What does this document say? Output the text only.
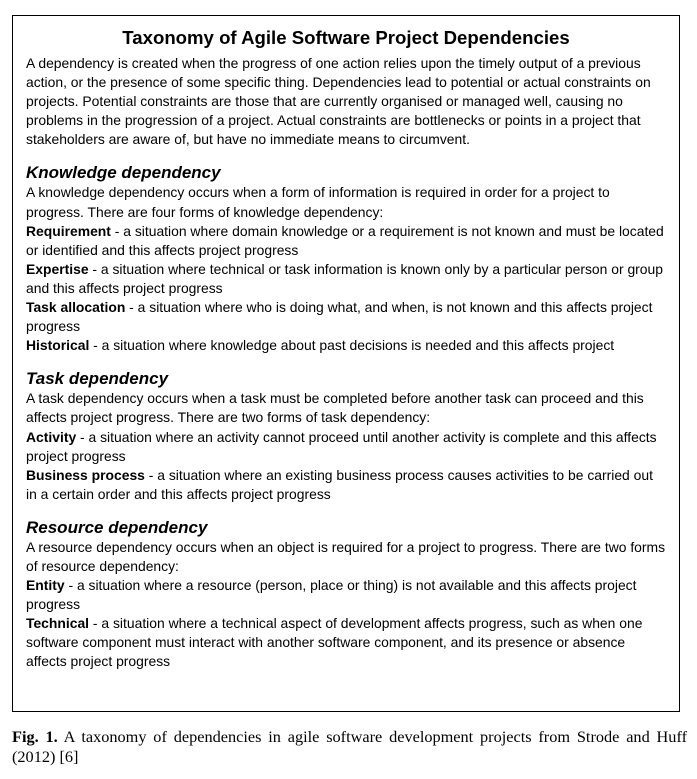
Taxonomy of Agile Software Project Dependencies

A dependency is created when the progress of one action relies upon the timely output of a previous action, or the presence of some specific thing. Dependencies lead to potential or actual constraints on projects. Potential constraints are those that are currently organised or managed well, causing no problems in the progression of a project. Actual constraints are bottlenecks or points in a project that stakeholders are aware of, but have no immediate means to circumvent.

Knowledge dependency

A knowledge dependency occurs when a form of information is required in order for a project to progress. There are four forms of knowledge dependency:

Requirement - a situation where domain knowledge or a requirement is not known and must be located or identified and this affects project progress

Expertise - a situation where technical or task information is known only by a particular person or group and this affects project progress

Task allocation - a situation where who is doing what, and when, is not known and this affects project progress

Historical - a situation where knowledge about past decisions is needed and this affects project

Task dependency

A task dependency occurs when a task must be completed before another task can proceed and this affects project progress. There are two forms of task dependency:

Activity - a situation where an activity cannot proceed until another activity is complete and this affects project progress

Business process - a situation where an existing business process causes activities to be carried out in a certain order and this affects project progress

Resource dependency

A resource dependency occurs when an object is required for a project to progress. There are two forms of resource dependency:

Entity - a situation where a resource (person, place or thing) is not available and this affects project progress

Technical - a situation where a technical aspect of development affects progress, such as when one software component must interact with another software component, and its presence or absence affects project progress

Fig. 1. A taxonomy of dependencies in agile software development projects from Strode and Huff (2012) [6]
